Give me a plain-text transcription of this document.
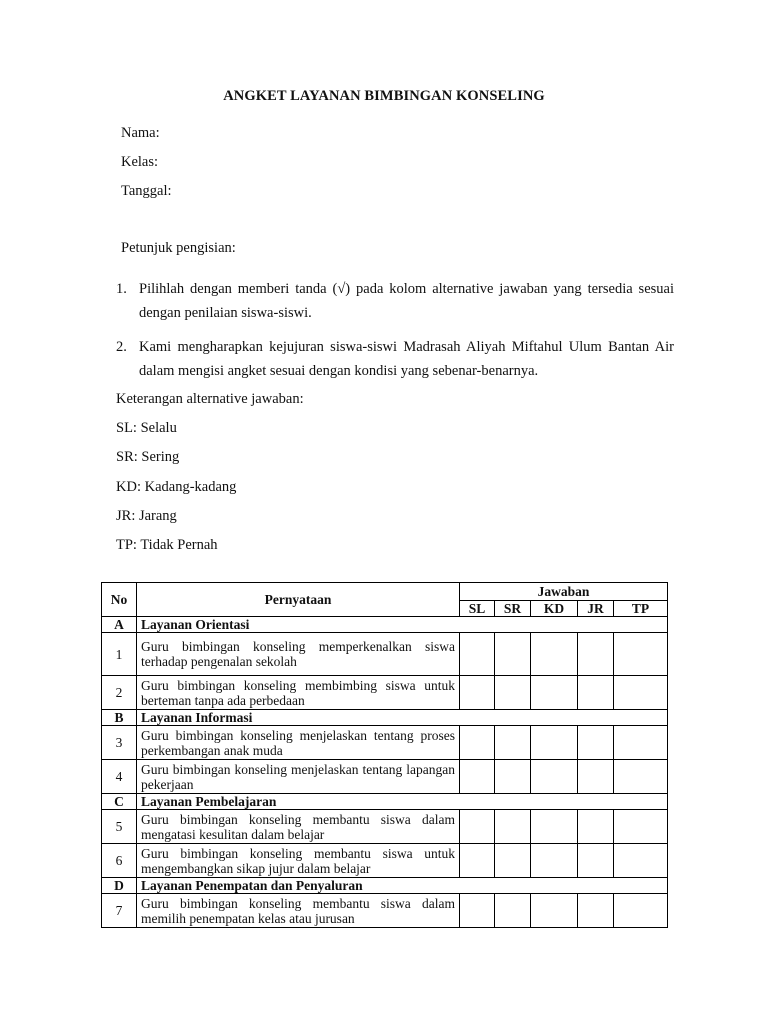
ANGKET LAYANAN BIMBINGAN KONSELING
Nama:
Kelas:
Tanggal:
Petunjuk pengisian:
1. Pilihlah dengan memberi tanda (√) pada kolom alternative jawaban yang tersedia sesuai dengan penilaian siswa-siswi.
2. Kami mengharapkan kejujuran siswa-siswi Madrasah Aliyah Miftahul Ulum Bantan Air dalam mengisi angket sesuai dengan kondisi yang sebenar-benarnya.
Keterangan alternative jawaban:
SL: Selalu
SR: Sering
KD: Kadang-kadang
JR: Jarang
TP: Tidak Pernah
No	Pernyataan	Jawaban				
		SL	SR	KD	JR	TP
A	Layanan Orientasi					
1	Guru bimbingan konseling memperkenalkan siswa terhadap pengenalan sekolah					
2	Guru bimbingan konseling membimbing siswa untuk berteman tanpa ada perbedaan					
B	Layanan Informasi					
3	Guru bimbingan konseling menjelaskan tentang proses perkembangan anak muda					
4	Guru bimbingan konseling menjelaskan tentang lapangan pekerjaan					
C	Layanan Pembelajaran					
5	Guru bimbingan konseling membantu siswa dalam mengatasi kesulitan dalam belajar					
6	Guru bimbingan konseling membantu siswa untuk mengembangkan sikap jujur dalam belajar					
D	Layanan Penempatan dan Penyaluran					
7	Guru bimbingan konseling membantu siswa dalam memilih penempatan kelas atau jurusan					
